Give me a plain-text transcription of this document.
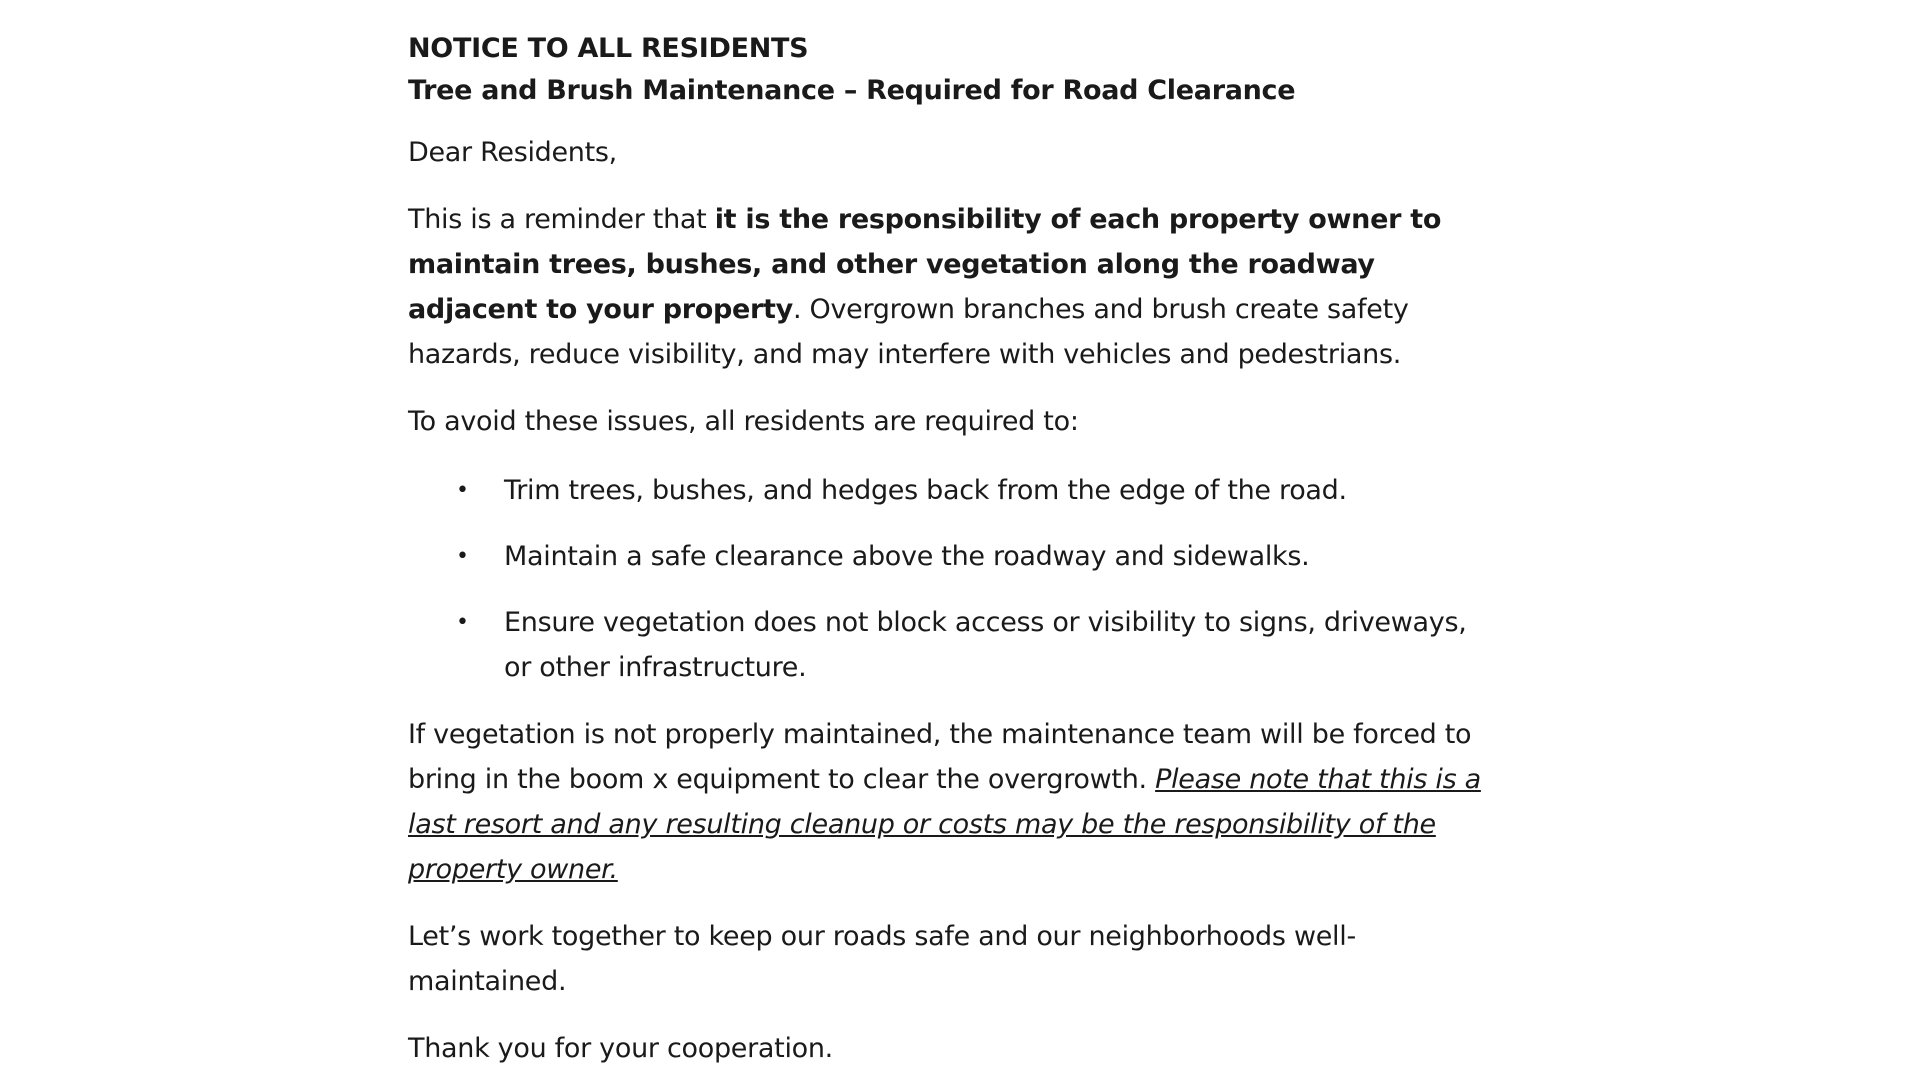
NOTICE TO ALL RESIDENTS

Tree and Brush Maintenance – Required for Road Clearance

Dear Residents,

This is a reminder that it is the responsibility of each property owner to maintain trees, bushes, and other vegetation along the roadway adjacent to your property. Overgrown branches and brush create safety hazards, reduce visibility, and may interfere with vehicles and pedestrians.

To avoid these issues, all residents are required to:

• Trim trees, bushes, and hedges back from the edge of the road.
• Maintain a safe clearance above the roadway and sidewalks.
• Ensure vegetation does not block access or visibility to signs, driveways, or other infrastructure.

If vegetation is not properly maintained, the maintenance team will be forced to bring in the boom x equipment to clear the overgrowth. Please note that this is a last resort and any resulting cleanup or costs may be the responsibility of the property owner.

Let’s work together to keep our roads safe and our neighborhoods well-maintained.

Thank you for your cooperation.
